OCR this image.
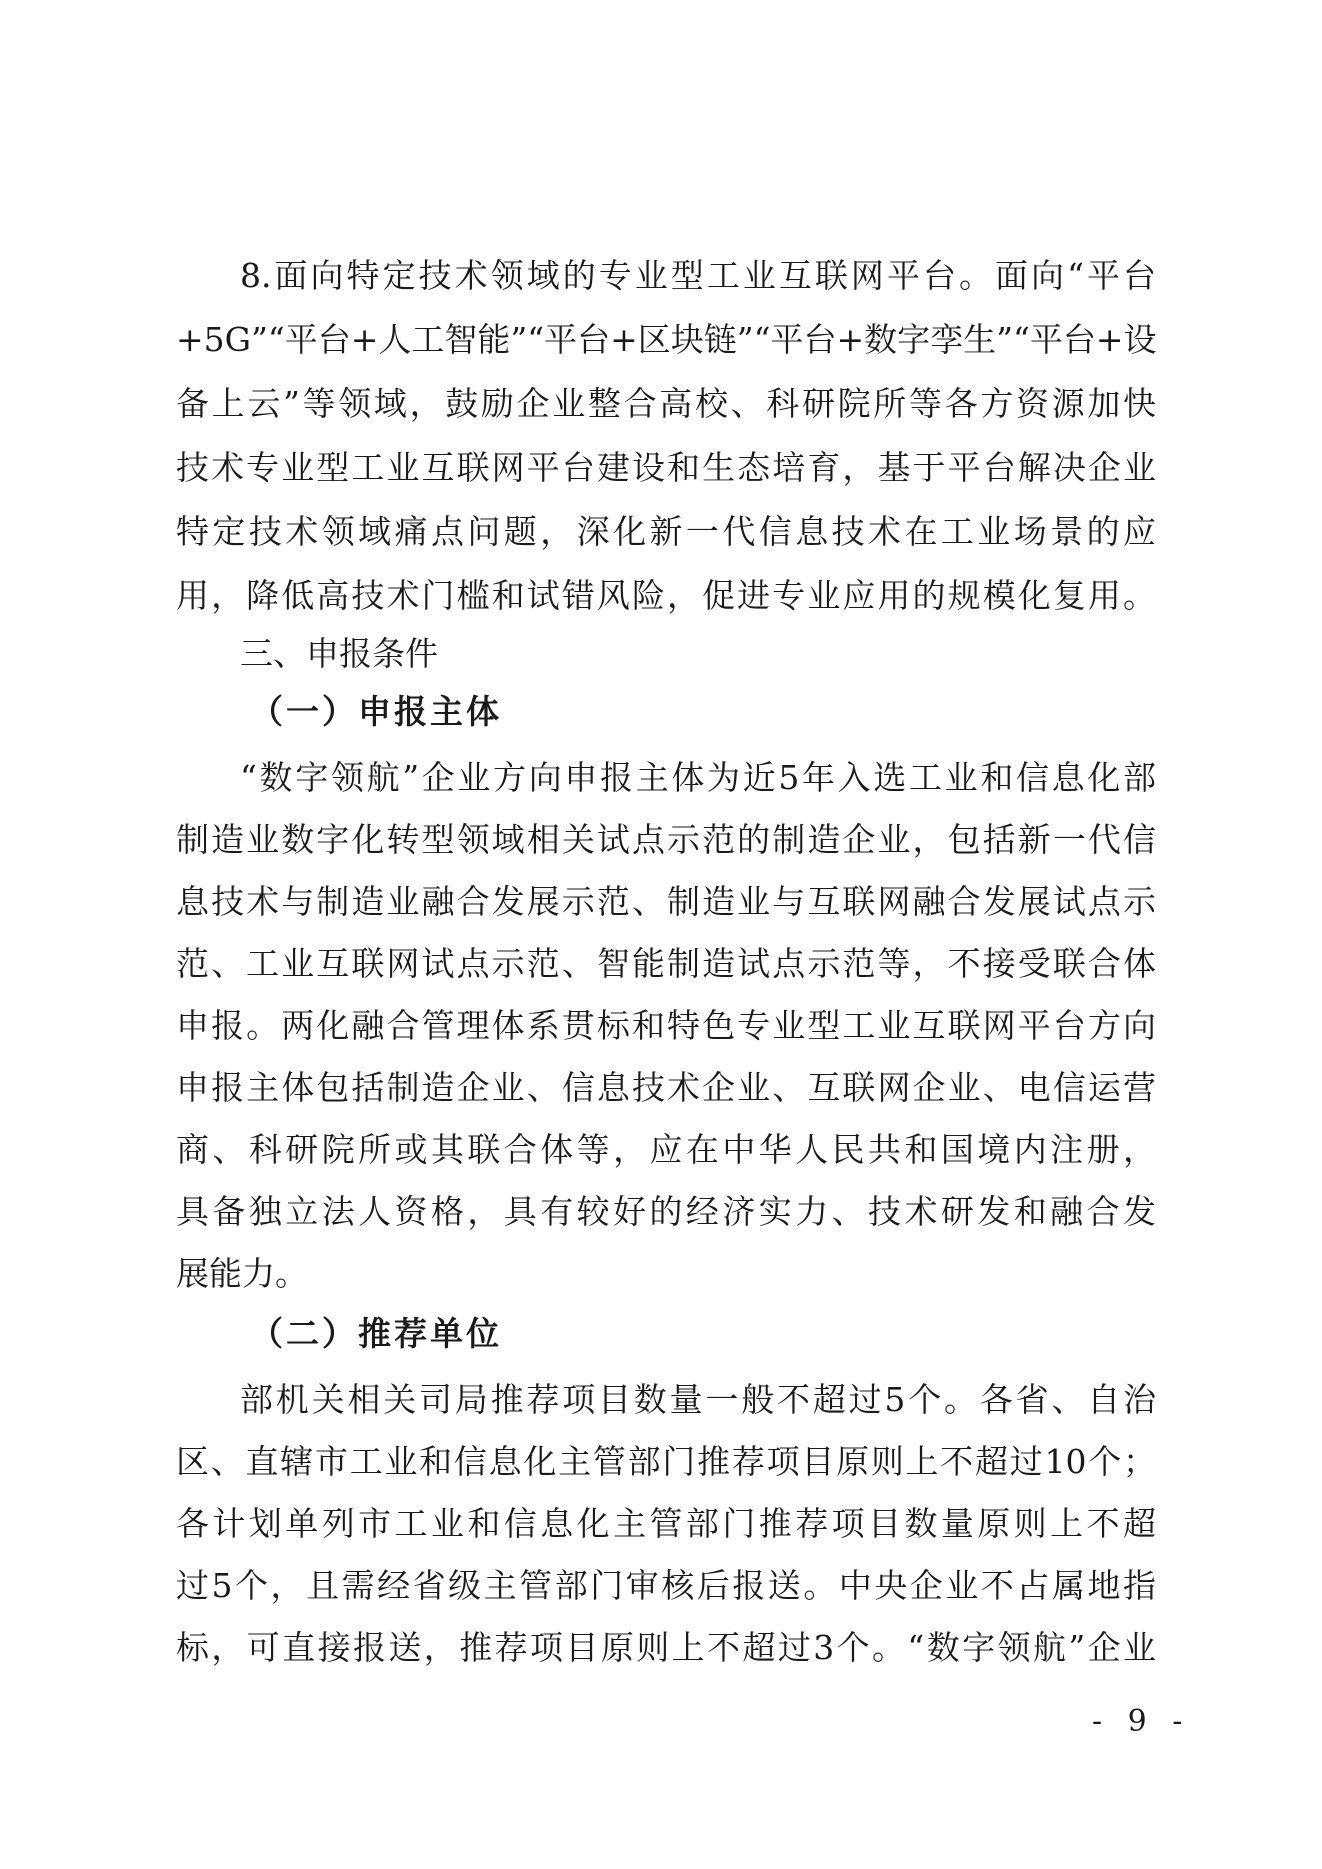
8.面向特定技术领域的专业型工业互联网平台。面向“平台
+5G”“平台+人工智能”“平台+区块链”“平台+数字孪生”“平台+设
备上云”等领域，鼓励企业整合高校、科研院所等各方资源加快
技术专业型工业互联网平台建设和生态培育，基于平台解决企业
特定技术领域痛点问题，深化新一代信息技术在工业场景的应
用，降低高技术门槛和试错风险，促进专业应用的规模化复用。
三、申报条件
（一）申报主体
“数字领航”企业方向申报主体为近5年入选工业和信息化部
制造业数字化转型领域相关试点示范的制造企业，包括新一代信
息技术与制造业融合发展示范、制造业与互联网融合发展试点示
范、工业互联网试点示范、智能制造试点示范等，不接受联合体
申报。两化融合管理体系贯标和特色专业型工业互联网平台方向
申报主体包括制造企业、信息技术企业、互联网企业、电信运营
商、科研院所或其联合体等，应在中华人民共和国境内注册，
具备独立法人资格，具有较好的经济实力、技术研发和融合发
展能力。
（二）推荐单位
部机关相关司局推荐项目数量一般不超过5个。各省、自治
区、直辖市工业和信息化主管部门推荐项目原则上不超过10个；
各计划单列市工业和信息化主管部门推荐项目数量原则上不超
过5个，且需经省级主管部门审核后报送。中央企业不占属地指
标，可直接报送，推荐项目原则上不超过3个。“数字领航”企业
- 9 -
